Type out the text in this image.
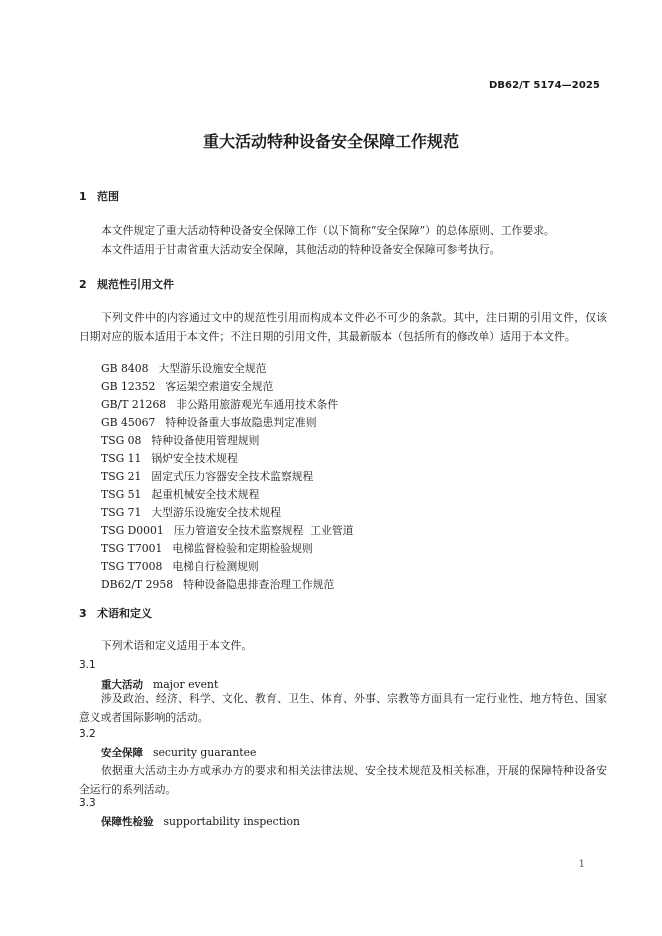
DB62/T 5174—2025
重大活动特种设备安全保障工作规范
1 范围
本文件规定了重大活动特种设备安全保障工作（以下简称“安全保障”）的总体原则、工作要求。
本文件适用于甘肃省重大活动安全保障，其他活动的特种设备安全保障可参考执行。
2 规范性引用文件
下列文件中的内容通过文中的规范性引用而构成本文件必不可少的条款。其中，注日期的引用文件，仅该日期对应的版本适用于本文件；不注日期的引用文件，其最新版本（包括所有的修改单）适用于本文件。
GB 8408 大型游乐设施安全规范
GB 12352 客运架空索道安全规范
GB/T 21268 非公路用旅游观光车通用技术条件
GB 45067 特种设备重大事故隐患判定准则
TSG 08 特种设备使用管理规则
TSG 11 锅炉安全技术规程
TSG 21 固定式压力容器安全技术监察规程
TSG 51 起重机械安全技术规程
TSG 71 大型游乐设施安全技术规程
TSG D0001 压力管道安全技术监察规程  工业管道
TSG T7001 电梯监督检验和定期检验规则
TSG T7008 电梯自行检测规则
DB62/T 2958 特种设备隐患排查治理工作规范
3 术语和定义
下列术语和定义适用于本文件。
3.1
重大活动 major event
涉及政治、经济、科学、文化、教育、卫生、体育、外事、宗教等方面具有一定行业性、地方特色、国家意义或者国际影响的活动。
3.2
安全保障 security guarantee
依据重大活动主办方或承办方的要求和相关法律法规、安全技术规范及相关标准，开展的保障特种设备安全运行的系列活动。
3.3
保障性检验 supportability inspection
1
